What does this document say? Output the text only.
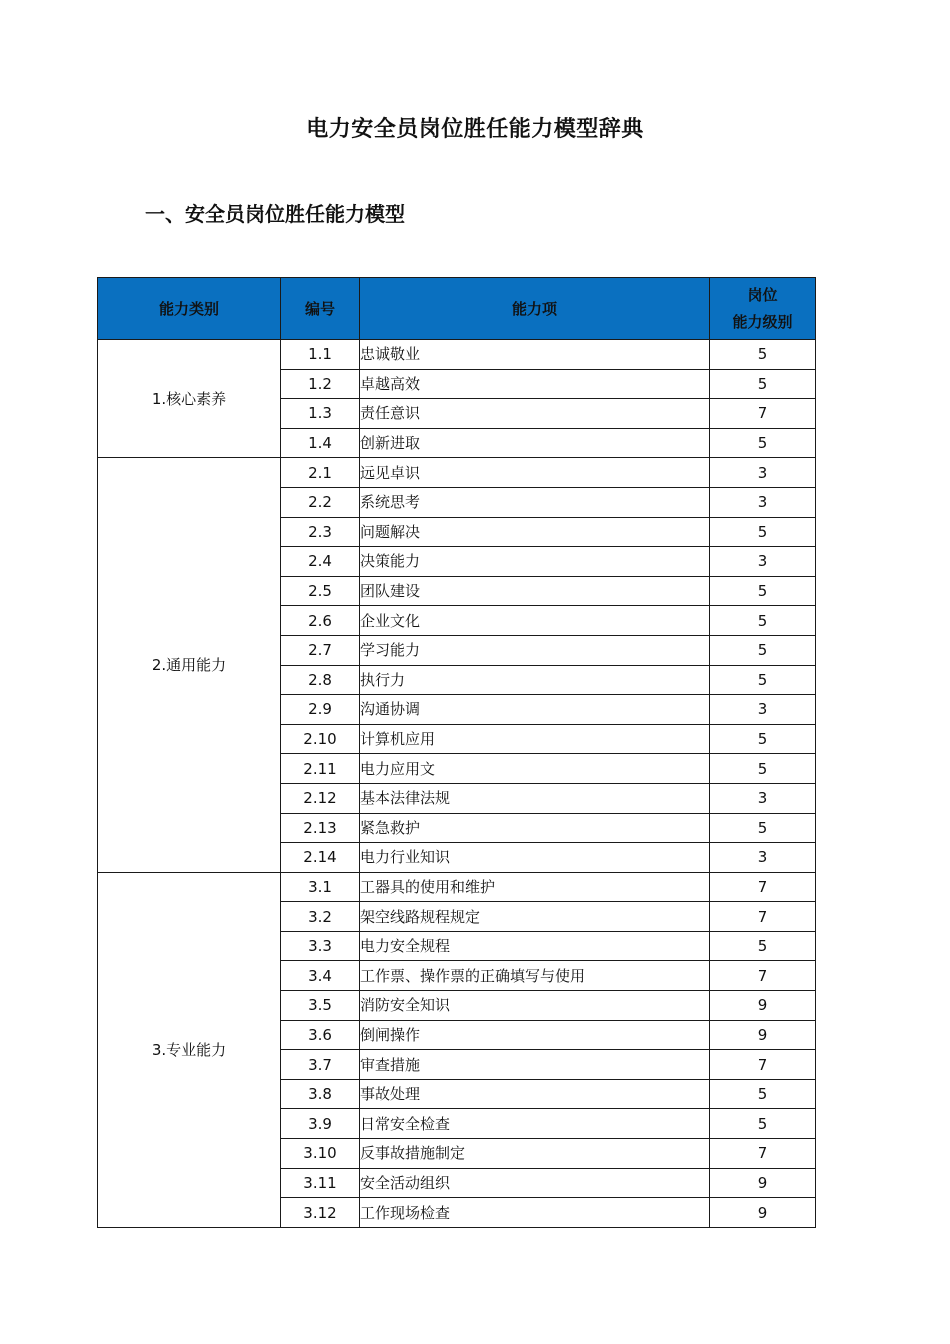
电力安全员岗位胜任能力模型辞典
一、安全员岗位胜任能力模型
能力类别	编号	能力项	岗位
能力级别

1.核心素养	1.1	忠诚敬业	5
	1.2	卓越高效	5
	1.3	责任意识	7
	1.4	创新进取	5
2.通用能力	2.1	远见卓识	3
	2.2	系统思考	3
	2.3	问题解决	5
	2.4	决策能力	3
	2.5	团队建设	5
	2.6	企业文化	5
	2.7	学习能力	5
	2.8	执行力	5
	2.9	沟通协调	3
	2.10	计算机应用	5
	2.11	电力应用文	5
	2.12	基本法律法规	3
	2.13	紧急救护	5
	2.14	电力行业知识	3
3.专业能力	3.1	工器具的使用和维护	7
	3.2	架空线路规程规定	7
	3.3	电力安全规程	5
	3.4	工作票、操作票的正确填写与使用	7
	3.5	消防安全知识	9
	3.6	倒闸操作	9
	3.7	审查措施	7
	3.8	事故处理	5
	3.9	日常安全检查	5
	3.10	反事故措施制定	7
	3.11	安全活动组织	9
	3.12	工作现场检查	9
